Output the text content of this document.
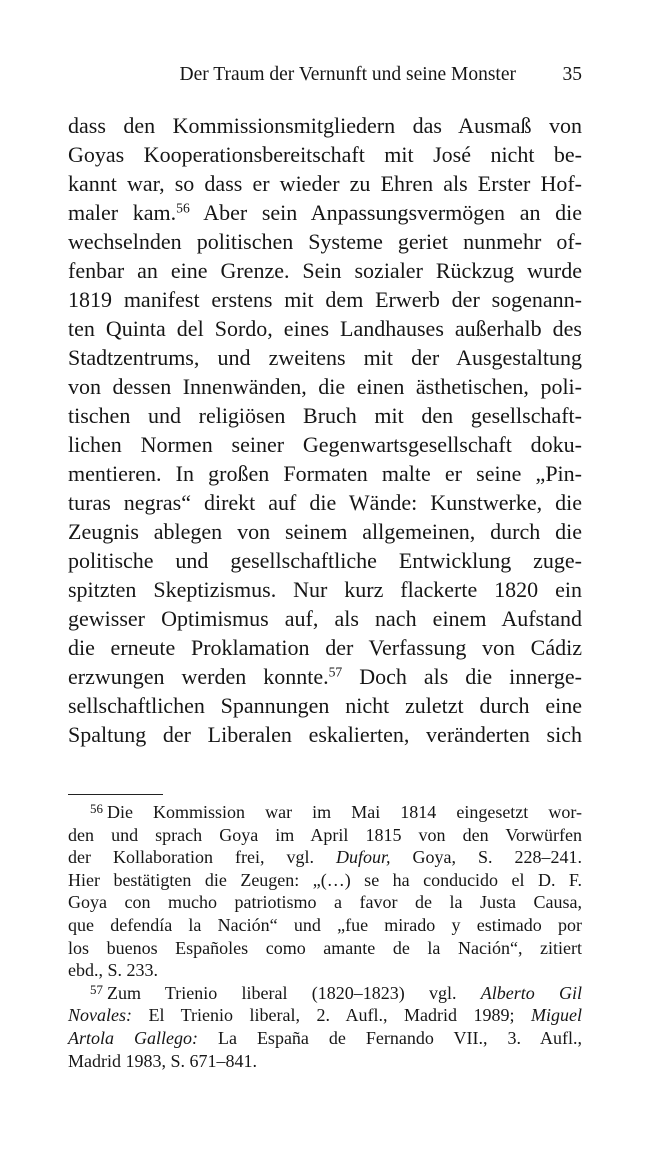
Der Traum der Vernunft und seine Monster 35
dass den Kommissionsmitgliedern das Ausmaß von
Goyas Kooperationsbereitschaft mit José nicht be-
kannt war, so dass er wieder zu Ehren als Erster Hof-
maler kam.$^{56}$ Aber sein Anpassungsvermögen an die
wechselnden politischen Systeme geriet nunmehr of-
fenbar an eine Grenze. Sein sozialer Rückzug wurde
1819 manifest erstens mit dem Erwerb der sogenann-
ten Quinta del Sordo, eines Landhauses außerhalb des
Stadtzentrums, und zweitens mit der Ausgestaltung
von dessen Innenwänden, die einen ästhetischen, poli-
tischen und religiösen Bruch mit den gesellschaft-
lichen Normen seiner Gegenwartsgesellschaft doku-
mentieren. In großen Formaten malte er seine „Pin-
turas negras“ direkt auf die Wände: Kunstwerke, die
Zeugnis ablegen von seinem allgemeinen, durch die
politische und gesellschaftliche Entwicklung zuge-
spitzten Skeptizismus. Nur kurz flackerte 1820 ein
gewisser Optimismus auf, als nach einem Aufstand
die erneute Proklamation der Verfassung von Cádiz
erzwungen werden konnte.$^{57}$ Doch als die innerge-
sellschaftlichen Spannungen nicht zuletzt durch eine
Spaltung der Liberalen eskalierten, veränderten sich
$^{56}$ Die Kommission war im Mai 1814 eingesetzt wor-
den und sprach Goya im April 1815 von den Vorwürfen
der Kollaboration frei, vgl. Dufour, Goya, S. 228–241.
Hier bestätigten die Zeugen: „(…) se ha conducido el D. F.
Goya con mucho patriotismo a favor de la Justa Causa,
que defendía la Nación“ und „fue mirado y estimado por
los buenos Españoles como amante de la Nación“, zitiert
ebd., S. 233.
$^{57}$ Zum Trienio liberal (1820–1823) vgl. Alberto Gil
Novales: El Trienio liberal, 2. Aufl., Madrid 1989; Miguel
Artola Gallego: La España de Fernando VII., 3. Aufl.,
Madrid 1983, S. 671–841.
